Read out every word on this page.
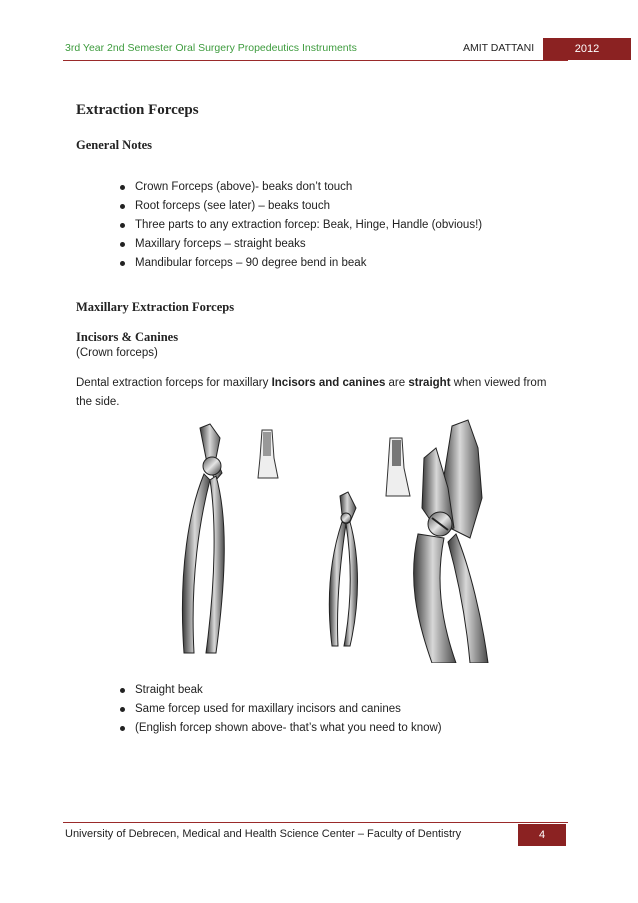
3rd Year 2nd Semester Oral Surgery Propedeutics Instruments	AMIT DATTANI	2012
Extraction Forceps
General Notes
Crown Forceps (above)- beaks don’t touch
Root forceps (see later) – beaks touch
Three parts to any extraction forcep: Beak, Hinge, Handle (obvious!)
Maxillary forceps – straight beaks
Mandibular forceps – 90 degree bend in beak
Maxillary Extraction Forceps
Incisors & Canines
(Crown forceps)
Dental extraction forceps for maxillary Incisors and canines are straight when viewed from the side.
Straight beak
Same forcep used for maxillary incisors and canines
(English forcep shown above- that’s what you need to know)
University of Debrecen, Medical and Health Science Center – Faculty of Dentistry	4
